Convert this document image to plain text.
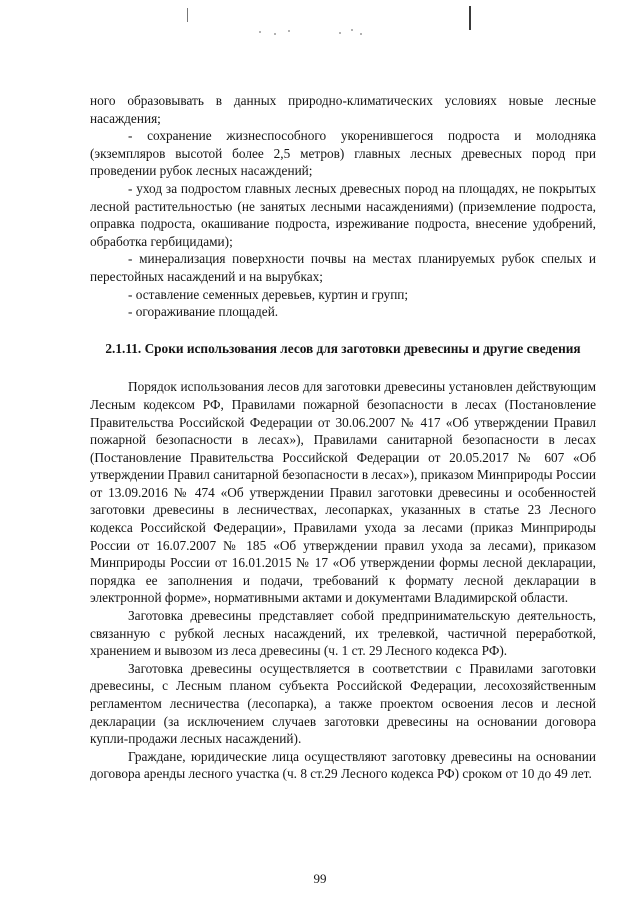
ного образовывать в данных природно-климатических условиях новые лесные насаждения;

- сохранение жизнеспособного укоренившегося подроста и молодняка (экземпляров высотой более 2,5 метров) главных лесных древесных пород при проведении рубок лесных насаждений;

- уход за подростом главных лесных древесных пород на площадях, не покрытых лесной растительностью (не занятых лесными насаждениями) (приземление подроста, оправка подроста, окашивание подроста, изреживание подроста, внесение удобрений, обработка гербицидами);

- минерализация поверхности почвы на местах планируемых рубок спелых и перестойных насаждений и на вырубках;

- оставление семенных деревьев, куртин и групп;

- огораживание площадей.

2.1.11. Сроки использования лесов для заготовки древесины и другие сведения

Порядок использования лесов для заготовки древесины установлен действующим Лесным кодексом РФ, Правилами пожарной безопасности в лесах (Постановление Правительства Российской Федерации от 30.06.2007 № 417 «Об утверждении Правил пожарной безопасности в лесах»), Правилами санитарной безопасности в лесах (Постановление Правительства Российской Федерации от 20.05.2017 № 607 «Об утверждении Правил санитарной безопасности в лесах»), приказом Минприроды России от 13.09.2016 № 474 «Об утверждении Правил заготовки древесины и особенностей заготовки древесины в лесничествах, лесопарках, указанных в статье 23 Лесного кодекса Российской Федерации», Правилами ухода за лесами (приказ Минприроды России от 16.07.2007 № 185 «Об утверждении правил ухода за лесами), приказом Минприроды России от 16.01.2015 № 17 «Об утверждении формы лесной декларации, порядка ее заполнения и подачи, требований к формату лесной декларации в электронной форме», нормативными актами и документами Владимирской области.

Заготовка древесины представляет собой предпринимательскую деятельность, связанную с рубкой лесных насаждений, их трелевкой, частичной переработкой, хранением и вывозом из леса древесины (ч. 1 ст. 29 Лесного кодекса РФ).

Заготовка древесины осуществляется в соответствии с Правилами заготовки древесины, с Лесным планом субъекта Российской Федерации, лесохозяйственным регламентом лесничества (лесопарка), а также проектом освоения лесов и лесной декларации (за исключением случаев заготовки древесины на основании договора купли-продажи лесных насаждений).

Граждане, юридические лица осуществляют заготовку древесины на основании договора аренды лесного участка (ч. 8 ст.29 Лесного кодекса РФ) сроком от 10 до 49 лет.

99
